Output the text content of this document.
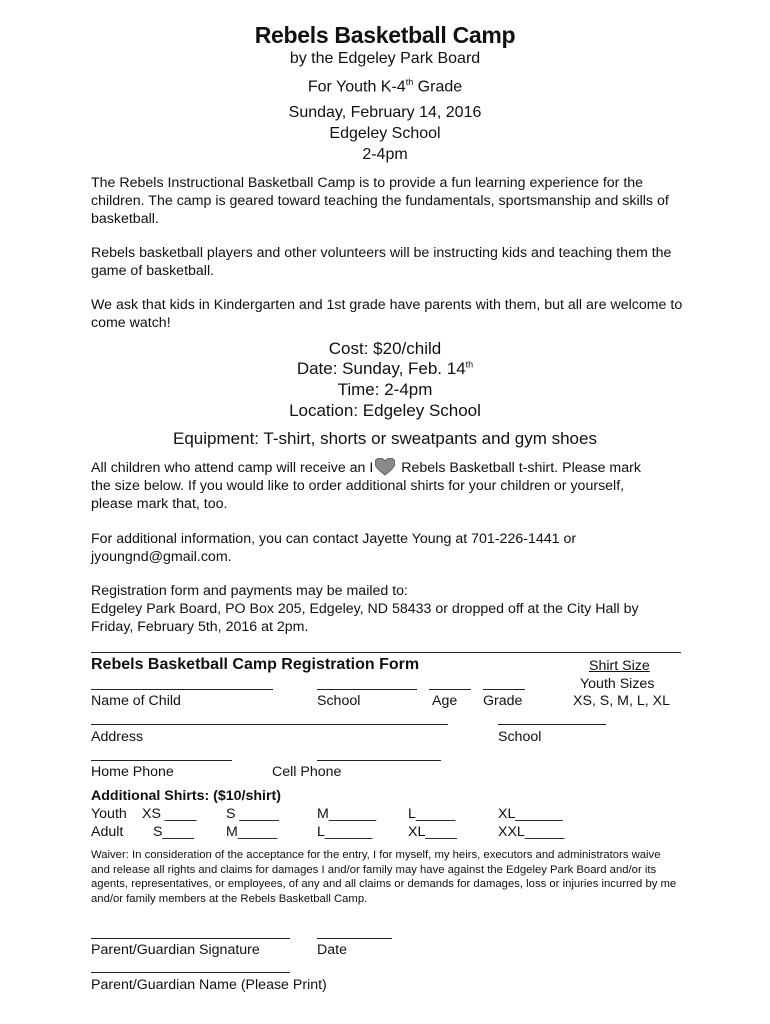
Rebels Basketball Camp
by the Edgeley Park Board
For Youth K-4th Grade
Sunday, February 14, 2016
Edgeley School
2-4pm
The Rebels Instructional Basketball Camp is to provide a fun learning experience for the children. The camp is geared toward teaching the fundamentals, sportsmanship and skills of basketball.
Rebels basketball players and other volunteers will be instructing kids and teaching them the game of basketball.
We ask that kids in Kindergarten and 1st grade have parents with them, but all are welcome to come watch!
Cost: $20/child
Date: Sunday, Feb. 14th
Time: 2-4pm
Location: Edgeley School
Equipment: T-shirt, shorts or sweatpants and gym shoes
All children who attend camp will receive an I Rebels Basketball t-shirt. Please mark
the size below. If you would like to order additional shirts for your children or yourself,
please mark that, too.
For additional information, you can contact Jayette Young at 701-226-1441 or
jyoungnd@gmail.com.
Registration form and payments may be mailed to:
Edgeley Park Board, PO Box 205, Edgeley, ND 58433 or dropped off at the City Hall by
Friday, February 5th, 2016 at 2pm.
Rebels Basketball Camp Registration Form	Shirt Size
Youth Sizes
Name of Child	School	Age Grade	XS, S, M, L, XL
Address	School
Home Phone	Cell Phone
Additional Shirts: ($10/shirt)
Youth XS ____ S _____	M______ L_____	XL______
Adult S____ M_____	L______	XL____	XXL_____
Waiver: In consideration of the acceptance for the entry, I for myself, my heirs, executors and administrators waive and release all rights and claims for damages I and/or family may have against the Edgeley Park Board and/or its agents, representatives, or employees, of any and all claims or demands for damages, loss or injuries incurred by me and/or family members at the Rebels Basketball Camp.
Parent/Guardian Signature	Date
Parent/Guardian Name (Please Print)
